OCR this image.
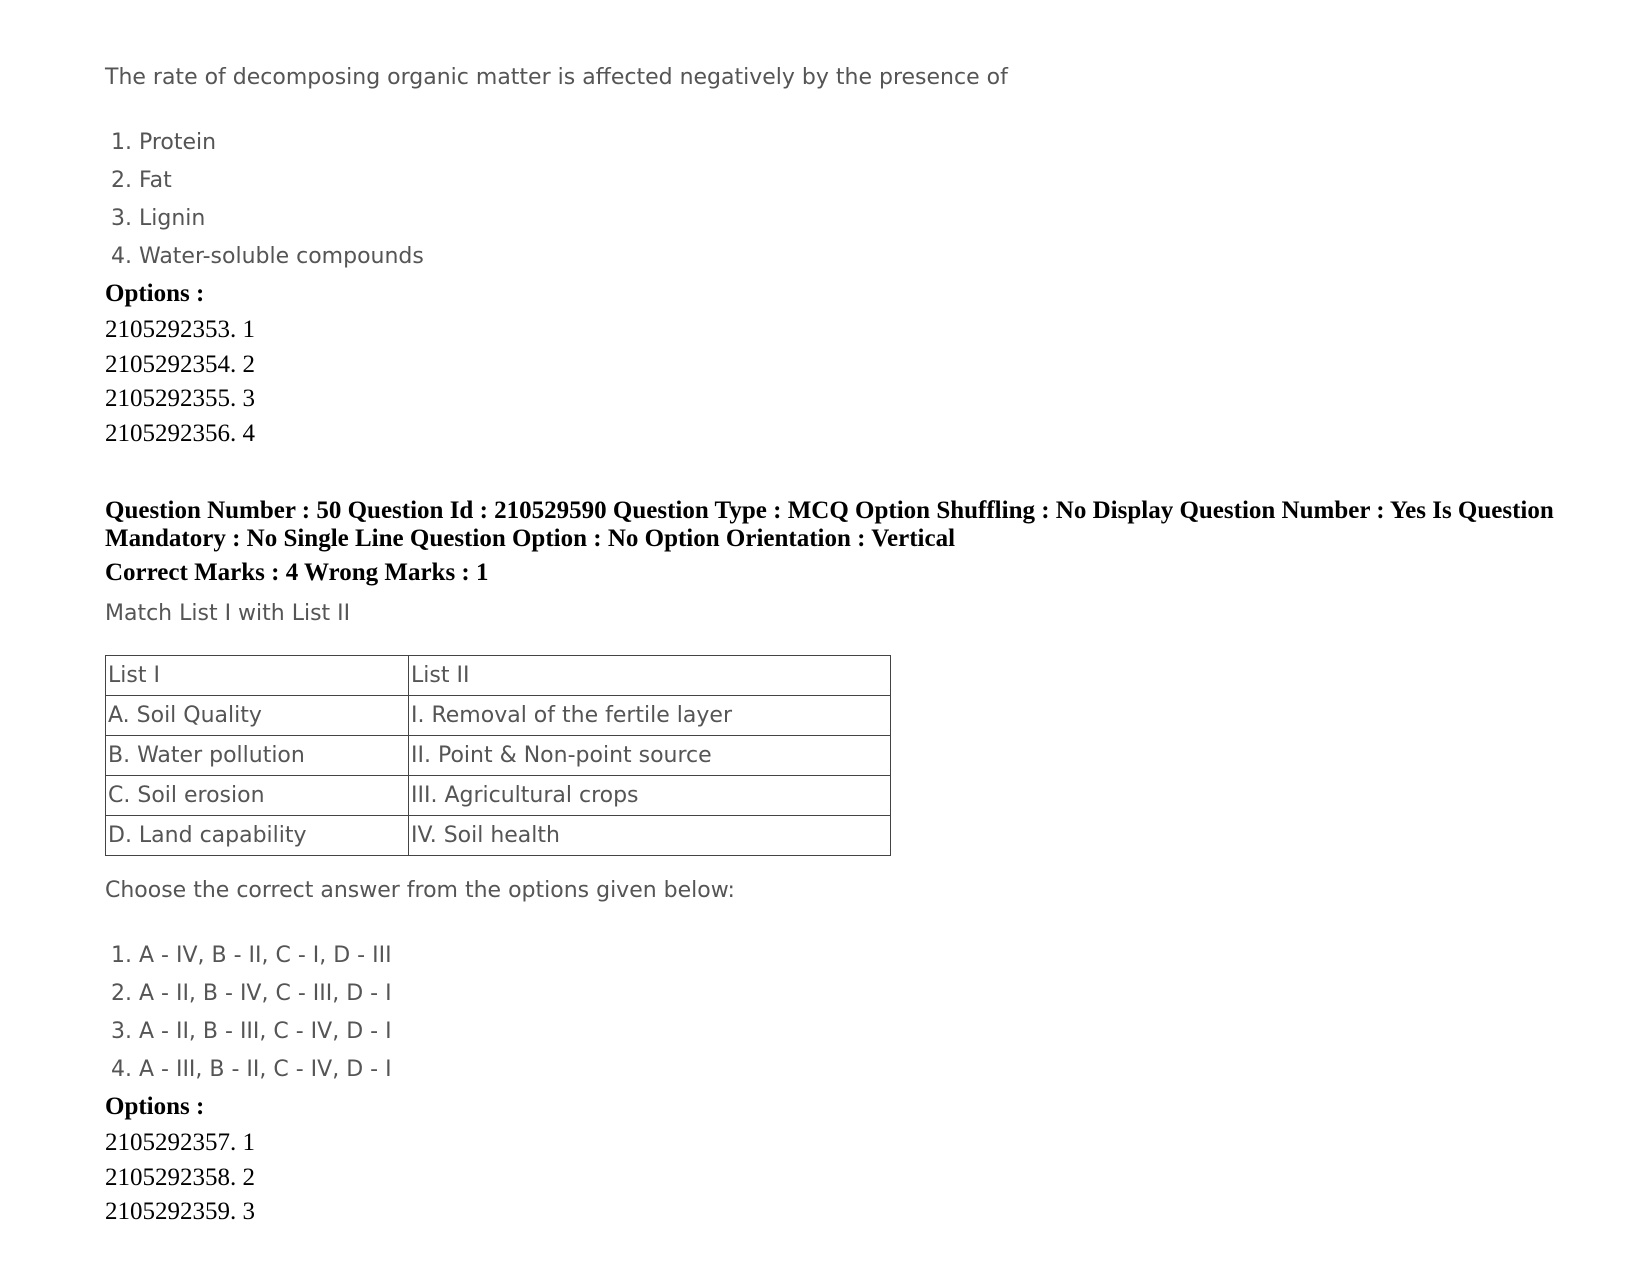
The rate of decomposing organic matter is affected negatively by the presence of
1. Protein
2. Fat
3. Lignin
4. Water-soluble compounds
Options :
2105292353. 1
2105292354. 2
2105292355. 3
2105292356. 4
Question Number : 50 Question Id : 210529590 Question Type : MCQ Option Shuffling : No Display Question Number : Yes Is Question Mandatory : No Single Line Question Option : No Option Orientation : Vertical
Correct Marks : 4 Wrong Marks : 1
Match List I with List II
List I	List II
A. Soil Quality	I. Removal of the fertile layer
B. Water pollution	II. Point & Non-point source
C. Soil erosion	III. Agricultural crops
D. Land capability	IV. Soil health
Choose the correct answer from the options given below:
1. A - IV, B - II, C - I, D - III
2. A - II, B - IV, C - III, D - I
3. A - II, B - III, C - IV, D - I
4. A - III, B - II, C - IV, D - I
Options :
2105292357. 1
2105292358. 2
2105292359. 3
